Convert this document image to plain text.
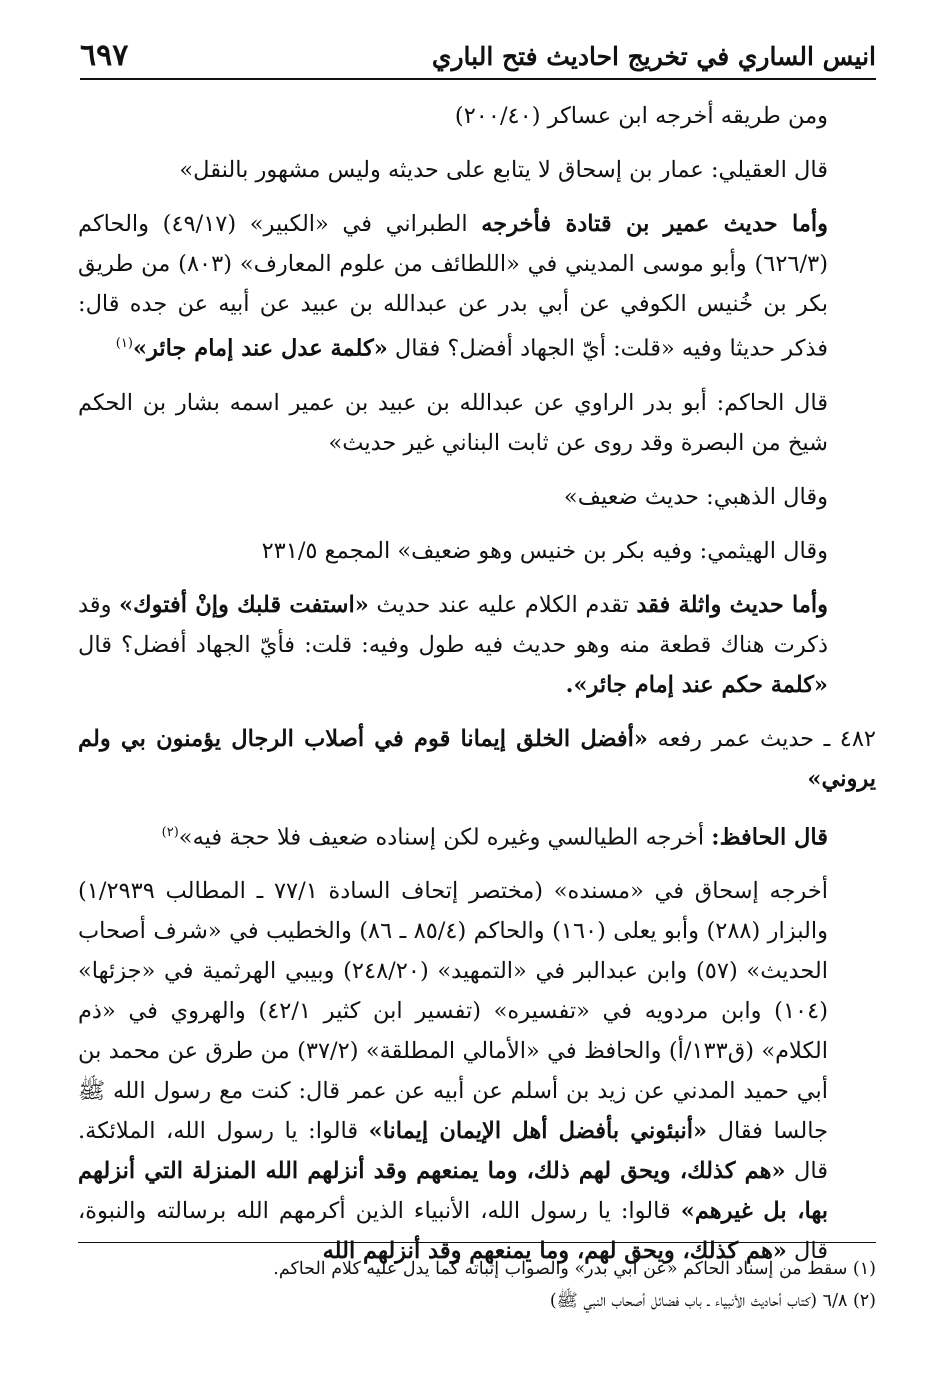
انيس الساري في تخريج احاديث فتح الباري
٦٩٧

ومن طريقه أخرجه ابن عساكر (٢٠٠/٤٠)

قال العقيلي: عمار بن إسحاق لا يتابع على حديثه وليس مشهور بالنقل»

وأما حديث عمير بن قتادة فأخرجه الطبراني في «الكبير» (٤٩/١٧) والحاكم (٦٢٦/٣) وأبو موسى المديني في «اللطائف من علوم المعارف» (٨٠٣) من طريق بكر بن خُنيس الكوفي عن أبي بدر عن عبدالله بن عبيد عن أبيه عن جده قال: فذكر حديثا وفيه «قلت: أيّ الجهاد أفضل؟ فقال «كلمة عدل عند إمام جائر»$^{(١)}$

قال الحاكم: أبو بدر الراوي عن عبدالله بن عبيد بن عمير اسمه بشار بن الحكم شيخ من البصرة وقد روى عن ثابت البناني غير حديث»

وقال الذهبي: حديث ضعيف»

وقال الهيثمي: وفيه بكر بن خنيس وهو ضعيف» المجمع ٢٣١/٥

وأما حديث واثلة فقد تقدم الكلام عليه عند حديث «استفت قلبك وإنْ أفتوك» وقد ذكرت هناك قطعة منه وهو حديث فيه طول وفيه: قلت: فأيّ الجهاد أفضل؟ قال «كلمة حكم عند إمام جائر».

٤٨٢ ـ حديث عمر رفعه «أفضل الخلق إيمانا قوم في أصلاب الرجال يؤمنون بي ولم يروني»

قال الحافظ: أخرجه الطيالسي وغيره لكن إسناده ضعيف فلا حجة فيه»$^{(٢)}$

أخرجه إسحاق في «مسنده» (مختصر إتحاف السادة ٧٧/١ ـ المطالب ١/٢٩٣٩) والبزار (٢٨٨) وأبو يعلى (١٦٠) والحاكم (٨٥/٤ ـ ٨٦) والخطيب في «شرف أصحاب الحديث» (٥٧) وابن عبدالبر في «التمهيد» (٢٤٨/٢٠) وبيبي الهرثمية في «جزئها» (١٠٤) وابن مردويه في «تفسيره» (تفسير ابن كثير ٤٢/١) والهروي في «ذم الكلام» (ق١٣٣/أ) والحافظ في «الأمالي المطلقة» (٣٧/٢) من طرق عن محمد بن أبي حميد المدني عن زيد بن أسلم عن أبيه عن عمر قال: كنت مع رسول الله ﷺ جالسا فقال «أنبئوني بأفضل أهل الإيمان إيمانا» قالوا: يا رسول الله، الملائكة. قال «هم كذلك، ويحق لهم ذلك، وما يمنعهم وقد أنزلهم الله المنزلة التي أنزلهم بها، بل غيرهم» قالوا: يا رسول الله، الأنبياء الذين أكرمهم الله برسالته والنبوة، قال «هم كذلك، ويحق لهم، وما يمنعهم وقد أنزلهم الله

(١) سقط من إسناد الحاكم «عن أبي بدر» والصواب إثباته كما يدل عليه كلام الحاكم.

(٢) ٦/٨ (كتاب أحاديث الأنبياء ـ باب فضائل أصحاب النبي ﷺ)
